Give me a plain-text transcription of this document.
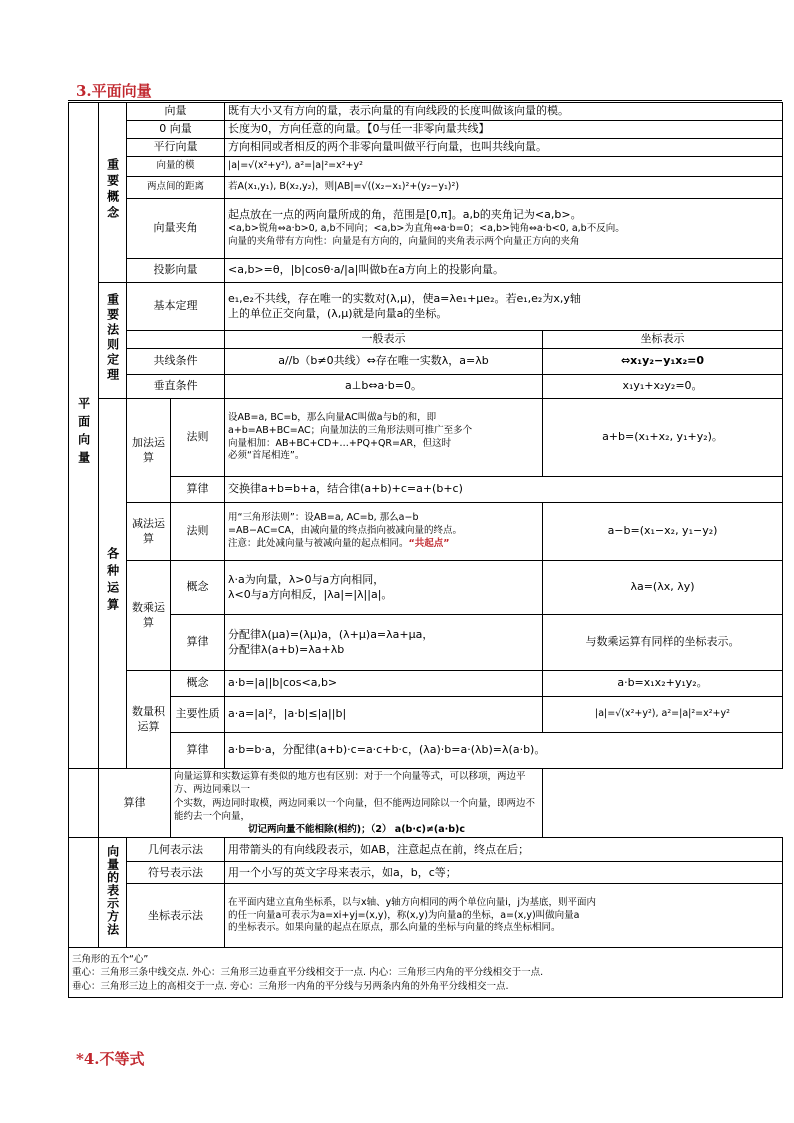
3.平面向量
平面向量	重要概念	向量		既有大小又有方向的量，表示向量的有向线段的长度叫做该向量的模。	
		0 向量		长度为0，方向任意的向量。【0与任一非零向量共线】	
		平行向量		方向相同或者相反的两个非零向量叫做平行向量，也叫共线向量。	
		向量的模		|a|=√(x²+y²), a²=|a|²=x²+y²	
		两点间的距离		若A(x₁,y₁), B(x₂,y₂)，则|AB|=√((x₂−x₁)²+(y₂−y₁)²)	
		向量夹角		起点放在一点的两向量所成的角，范围是[0,π]。a,b的夹角记为<a,b>。
<a,b>锐角⇔a·b>0, a,b不同向；<a,b>为直角⇔a·b=0；<a,b>钝角⇔a·b<0, a,b不反向。
向量的夹角带有方向性：向量是有方向的，向量间的夹角表示两个向量正方向的夹角	

		投影向量		<a,b>=θ，|b|cosθ·a/|a|叫做b在a方向上的投影向量。	
	重要法则定理	基本定理		e₁,e₂不共线，存在唯一的实数对(λ,μ)，使a=λe₁+μe₂。若e₁,e₂为x,y轴
上的单位正交向量，(λ,μ)就是向量a的坐标。	

				一般表示	坐标表示
		共线条件		a//b（b≠0共线）⇔存在唯一实数λ，a=λb	⇔x₁y₂−y₁x₂=0
		垂直条件		a⊥b⇔a·b=0。	x₁y₁+x₂y₂=0。
	各种运算	加法运算	法则	设AB=a, BC=b，那么向量AC叫做a与b的和，即
a+b=AB+BC=AC；向量加法的三角形法则可推广至多个
向量相加：AB+BC+CD+…+PQ+QR=AR，但这时
必须“首尾相连”。	a+b=(x₁+x₂, y₁+y₂)。
			算律	交换律a+b=b+a，结合律(a+b)+c=a+(b+c)	
		减法运算	法则	用“三角形法则”：设AB=a, AC=b, 那么a−b
=AB−AC=CA，由减向量的终点指向被减向量的终点。
注意：此处减向量与被减向量的起点相同。“共起点”	a−b=(x₁−x₂, y₁−y₂)
		数乘运算	概念	λ·a为向量，λ>0与a方向相同，
λ<0与a方向相反，|λa|=|λ||a|。	λa=(λx, λy)
			算律	分配律λ(μa)=(λμ)a，(λ+μ)a=λa+μa，
分配律λ(a+b)=λa+λb	与数乘运算有同样的坐标表示。
		数量积运算	概念	a·b=|a||b|cos<a,b>	a·b=x₁x₂+y₁y₂。
			主要性质	a·a=|a|²，|a·b|≤|a||b|	|a|=√(x²+y²), a²=|a|²=x²+y²
			算律	a·b=b·a，分配律(a+b)·c=a·c+b·c，(λa)·b=a·(λb)=λ(a·b)。	
	算律		向量运算和实数运算有类似的地方也有区别：对于一个向量等式，可以移项，两边平方、两边同乘以一
个实数，两边同时取模，两边同乘以一个向量，但不能两边同除以一个向量，即两边不能约去一个向量，
切记两向量不能相除(相约)；（2） a(b·c)≠(a·b)c		

	向量的表示方法	几何表示法		用带箭头的有向线段表示，如AB，注意起点在前，终点在后；	
		符号表示法		用一个小写的英文字母来表示，如a，b，c等；	
		坐标表示法		在平面内建立直角坐标系，以与x轴、y轴方向相同的两个单位向量i，j为基底，则平面内
的任一向量a可表示为a=xi+yj=(x,y)，称(x,y)为向量a的坐标，a=(x,y)叫做向量a
的坐标表示。如果向量的起点在原点，那么向量的坐标与向量的终点坐标相同。	

三角形的五个“心”
重心：三角形三条中线交点. 外心：三角形三边垂直平分线相交于一点. 内心：三角形三内角的平分线相交于一点.
垂心：三角形三边上的高相交于一点. 旁心：三角形一内角的平分线与另两条内角的外角平分线相交一点.					
*4.不等式
